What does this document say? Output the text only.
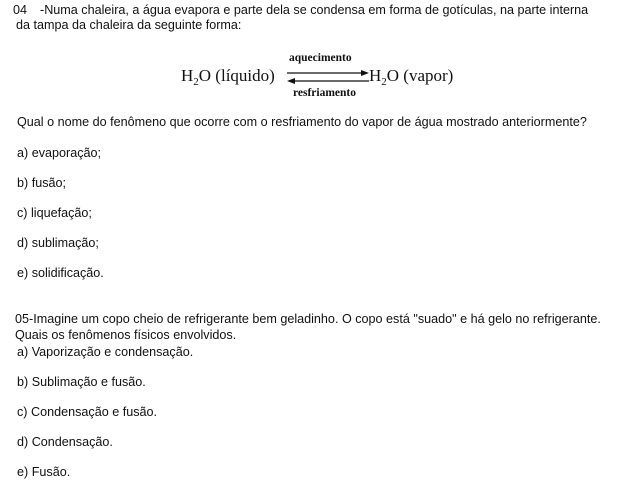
04 -Numa chaleira, a água evapora e parte dela se condensa em forma de gotículas, na parte interna
da tampa da chaleira da seguinte forma:
$H_2O$ (líquido)
aquecimento
resfriamento
$H_2O$ (vapor)
Qual o nome do fenômeno que ocorre com o resfriamento do vapor de água mostrado anteriormente?
a) evaporação;
b) fusão;
c) liquefação;
d) sublimação;
e) solidificação.
05-Imagine um copo cheio de refrigerante bem geladinho. O copo está "suado" e há gelo no refrigerante.
Quais os fenômenos físicos envolvidos.
a) Vaporização e condensação.
b) Sublimação e fusão.
c) Condensação e fusão.
d) Condensação.
e) Fusão.
